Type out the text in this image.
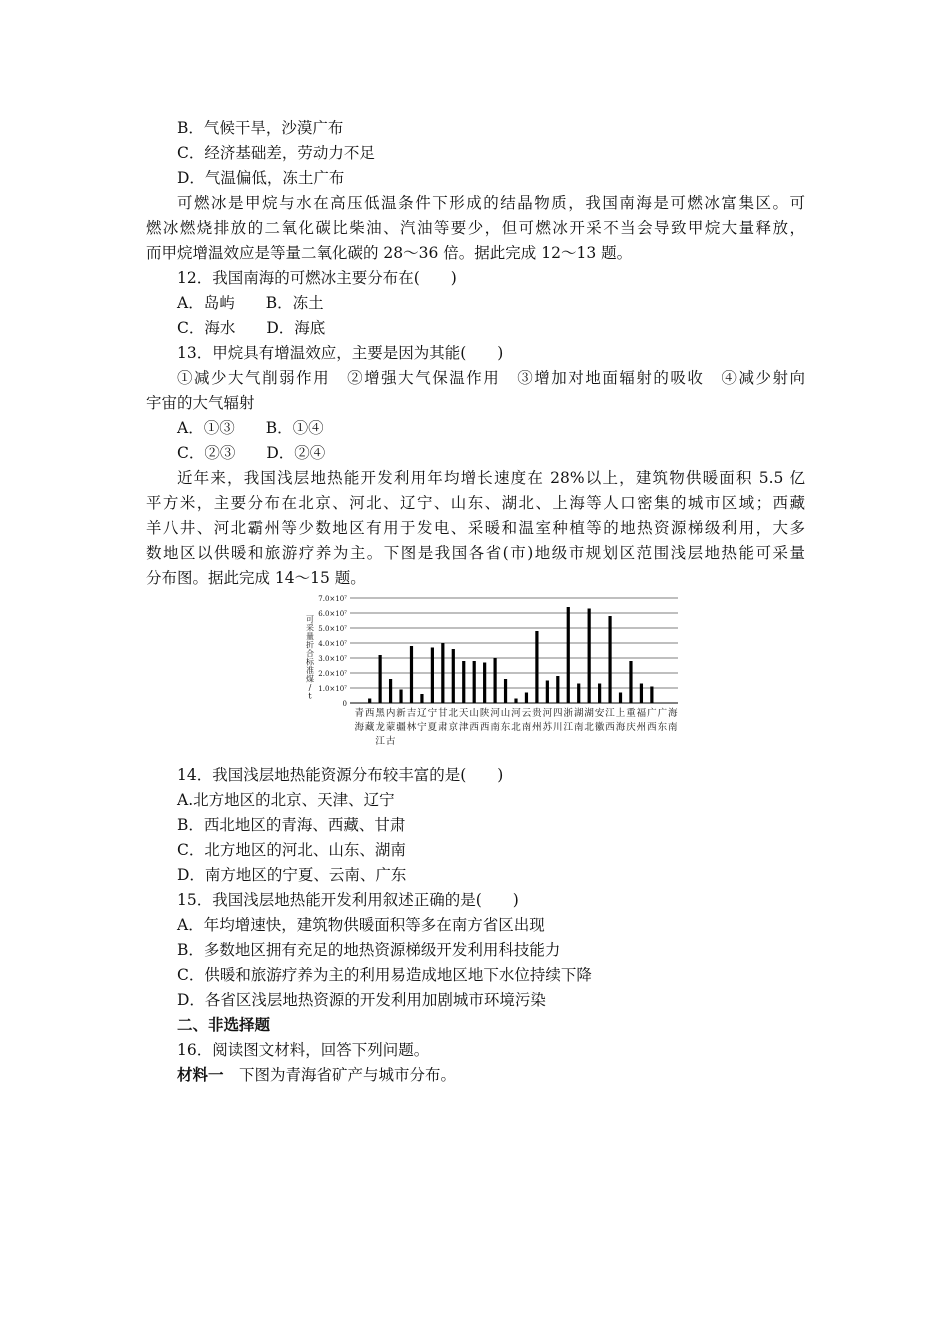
B．气候干旱，沙漠广布
C．经济基础差，劳动力不足
D．气温偏低，冻土广布
可燃冰是甲烷与水在高压低温条件下形成的结晶物质，我国南海是可燃冰富集区。可
燃冰燃烧排放的二氧化碳比柴油、汽油等要少，但可燃冰开采不当会导致甲烷大量释放，
而甲烷增温效应是等量二氧化碳的 28～36 倍。据此完成 12～13 题。
12．我国南海的可燃冰主要分布在(　　)
A．岛屿　　B．冻土
C．海水　　D．海底
13．甲烷具有增温效应，主要是因为其能(　　)
①减少大气削弱作用　②增强大气保温作用　③增加对地面辐射的吸收　④减少射向
宇宙的大气辐射
A．①③　　B．①④
C．②③　　D．②④
近年来，我国浅层地热能开发利用年均增长速度在 28%以上，建筑物供暖面积 5.5 亿
平方米，主要分布在北京、河北、辽宁、山东、湖北、上海等人口密集的城市区域；西藏
羊八井、河北霸州等少数地区有用于发电、采暖和温室种植等的地热资源梯级利用，大多
数地区以供暖和旅游疗养为主。下图是我国各省(市)地级市规划区范围浅层地热能可采量
分布图。据此完成 14～15 题。
可
采
量
折
合
标
准
煤
/
t
0
1.0×10⁷
2.0×10⁷
3.0×10⁷
4.0×10⁷
5.0×10⁷
6.0×10⁷
7.0×10⁷
青
海
西
藏
黑
龙
江
内
蒙
古
新
疆
吉
林
辽
宁
宁
夏
甘
肃
北
京
天
津
山
西
陕
西
河
南
山
东
河
北
云
南
贵
州
河
苏
四
川
浙
江
湖
南
湖
北
安
徽
江
西
上
海
重
庆
福
州
广
西
广
东
海
南
14．我国浅层地热能资源分布较丰富的是(　　)
A.北方地区的北京、天津、辽宁
B．西北地区的青海、西藏、甘肃
C．北方地区的河北、山东、湖南
D．南方地区的宁夏、云南、广东
15．我国浅层地热能开发利用叙述正确的是(　　)
A．年均增速快，建筑物供暖面积等多在南方省区出现
B．多数地区拥有充足的地热资源梯级开发利用科技能力
C．供暖和旅游疗养为主的利用易造成地区地下水位持续下降
D．各省区浅层地热资源的开发利用加剧城市环境污染
二、非选择题
16．阅读图文材料，回答下列问题。
材料一　下图为青海省矿产与城市分布。
